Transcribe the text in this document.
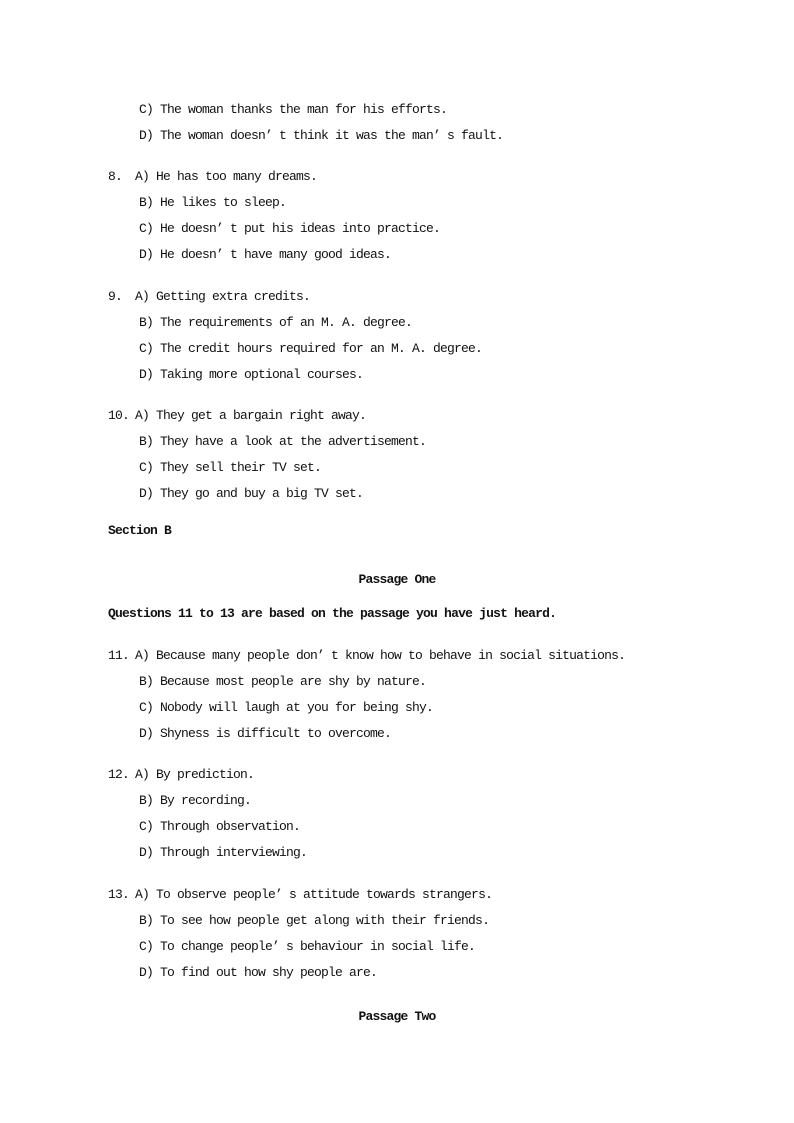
C) The woman thanks the man for his efforts.
D) The woman doesn’ t think it was the man’ s fault.
8. A) He has too many dreams.
B) He likes to sleep.
C) He doesn’ t put his ideas into practice.
D) He doesn’ t have many good ideas.
9. A) Getting extra credits.
B) The requirements of an M. A. degree.
C) The credit hours required for an M. A. degree.
D) Taking more optional courses.
10. A) They get a bargain right away.
B) They have a look at the advertisement.
C) They sell their TV set.
D) They go and buy a big TV set.
Section B
Passage One
Questions 11 to 13 are based on the passage you have just heard.
11. A) Because many people don’ t know how to behave in social situations.
B) Because most people are shy by nature.
C) Nobody will laugh at you for being shy.
D) Shyness is difficult to overcome.
12. A) By prediction.
B) By recording.
C) Through observation.
D) Through interviewing.
13. A) To observe people’ s attitude towards strangers.
B) To see how people get along with their friends.
C) To change people’ s behaviour in social life.
D) To find out how shy people are.
Passage Two
